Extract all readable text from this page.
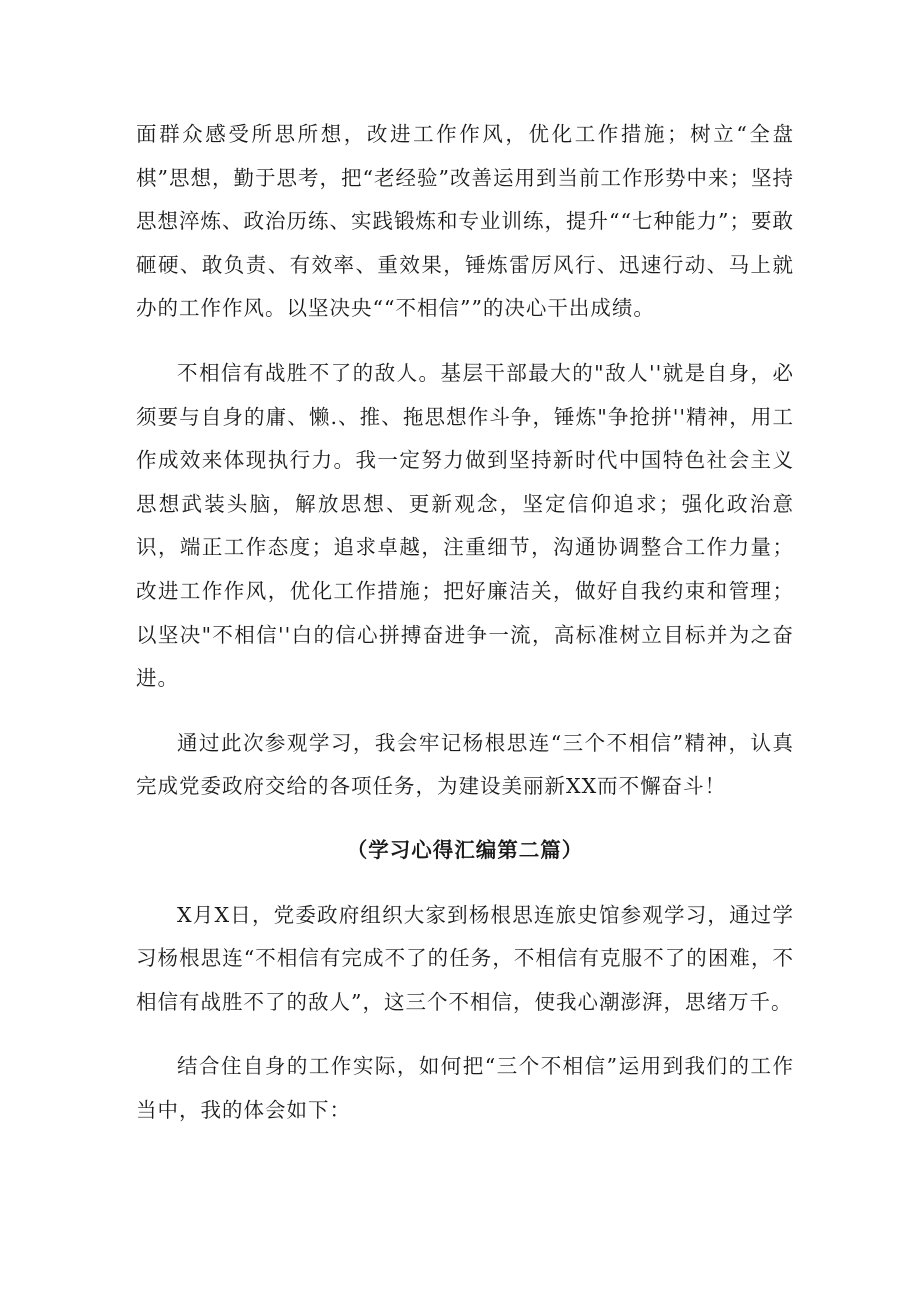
面群众感受所思所想，改进工作作风，优化工作措施；树立“全盘棋”思想，勤于思考，把“老经验”改善运用到当前工作形势中来；坚持思想淬炼、政治历练、实践锻炼和专业训练，提升““七种能力”；要敢砸硬、敢负责、有效率、重效果，锤炼雷厉风行、迅速行动、马上就办的工作作风。以坚决央““不相信””的决心干出成绩。

不相信有战胜不了的敌人。基层干部最大的"敌人''就是自身，必须要与自身的庸、懒.、推、拖思想作斗争，锤炼"争抢拼''精神，用工作成效来体现执行力。我一定努力做到坚持新时代中国特色社会主义思想武装头脑，解放思想、更新观念，坚定信仰追求；强化政治意识，端正工作态度；追求卓越，注重细节，沟通协调整合工作力量；改进工作作风，优化工作措施；把好廉洁关，做好自我约束和管理；以坚决"不相信''白的信心拼搏奋进争一流，高标准树立目标并为之奋进。

通过此次参观学习，我会牢记杨根思连“三个不相信”精神，认真完成党委政府交给的各项任务，为建设美丽新XX而不懈奋斗！

（学习心得汇编第二篇）

X月X日，党委政府组织大家到杨根思连旅史馆参观学习，通过学习杨根思连“不相信有完成不了的任务，不相信有克服不了的困难，不相信有战胜不了的敌人”，这三个不相信，使我心潮澎湃，思绪万千。

结合住自身的工作实际，如何把“三个不相信”运用到我们的工作当中，我的体会如下：
